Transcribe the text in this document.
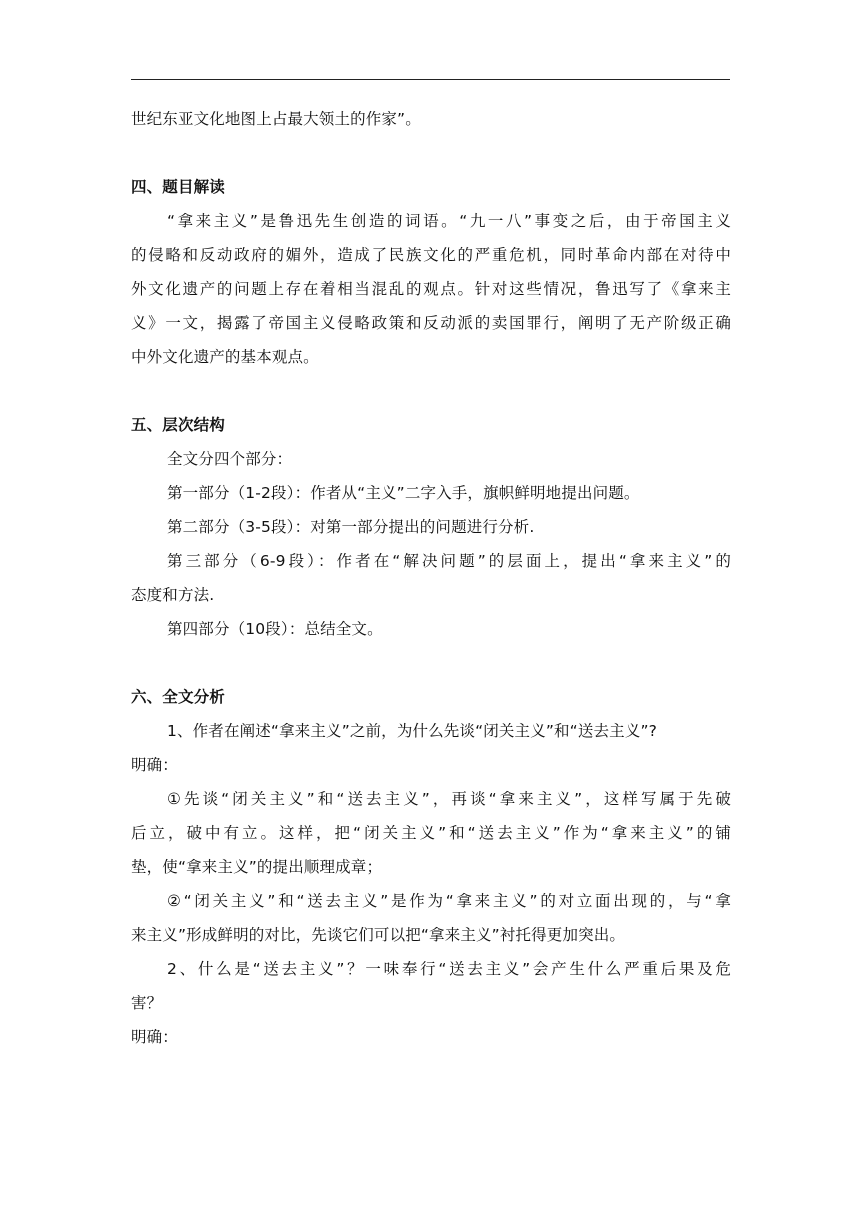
世纪东亚文化地图上占最大领土的作家”。
四、题目解读
“拿来主义”是鲁迅先生创造的词语。“九一八”事变之后，由于帝国主义
的侵略和反动政府的媚外，造成了民族文化的严重危机，同时革命内部在对待中
外文化遗产的问题上存在着相当混乱的观点。针对这些情况，鲁迅写了《拿来主
义》一文，揭露了帝国主义侵略政策和反动派的卖国罪行，阐明了无产阶级正确
中外文化遗产的基本观点。
五、层次结构
全文分四个部分：
第一部分（1-2段）：作者从“主义”二字入手，旗帜鲜明地提出问题。
第二部分（3-5段）：对第一部分提出的问题进行分析.
第三部分（6-9段）：作者在“解决问题”的层面上，提出“拿来主义”的
态度和方法.
第四部分（10段）：总结全文。
六、全文分析
1、作者在阐述“拿来主义”之前，为什么先谈“闭关主义”和“送去主义”?
明确：
①先谈“闭关主义”和“送去主义”，再谈“拿来主义”，这样写属于先破
后立，破中有立。这样，把“闭关主义”和“送去主义”作为“拿来主义”的铺
垫，使“拿来主义”的提出顺理成章；
②“闭关主义”和“送去主义”是作为“拿来主义”的对立面出现的，与“拿
来主义”形成鲜明的对比，先谈它们可以把“拿来主义”衬托得更加突出。
2、什么是“送去主义”？一味奉行“送去主义”会产生什么严重后果及危
害？
明确：
